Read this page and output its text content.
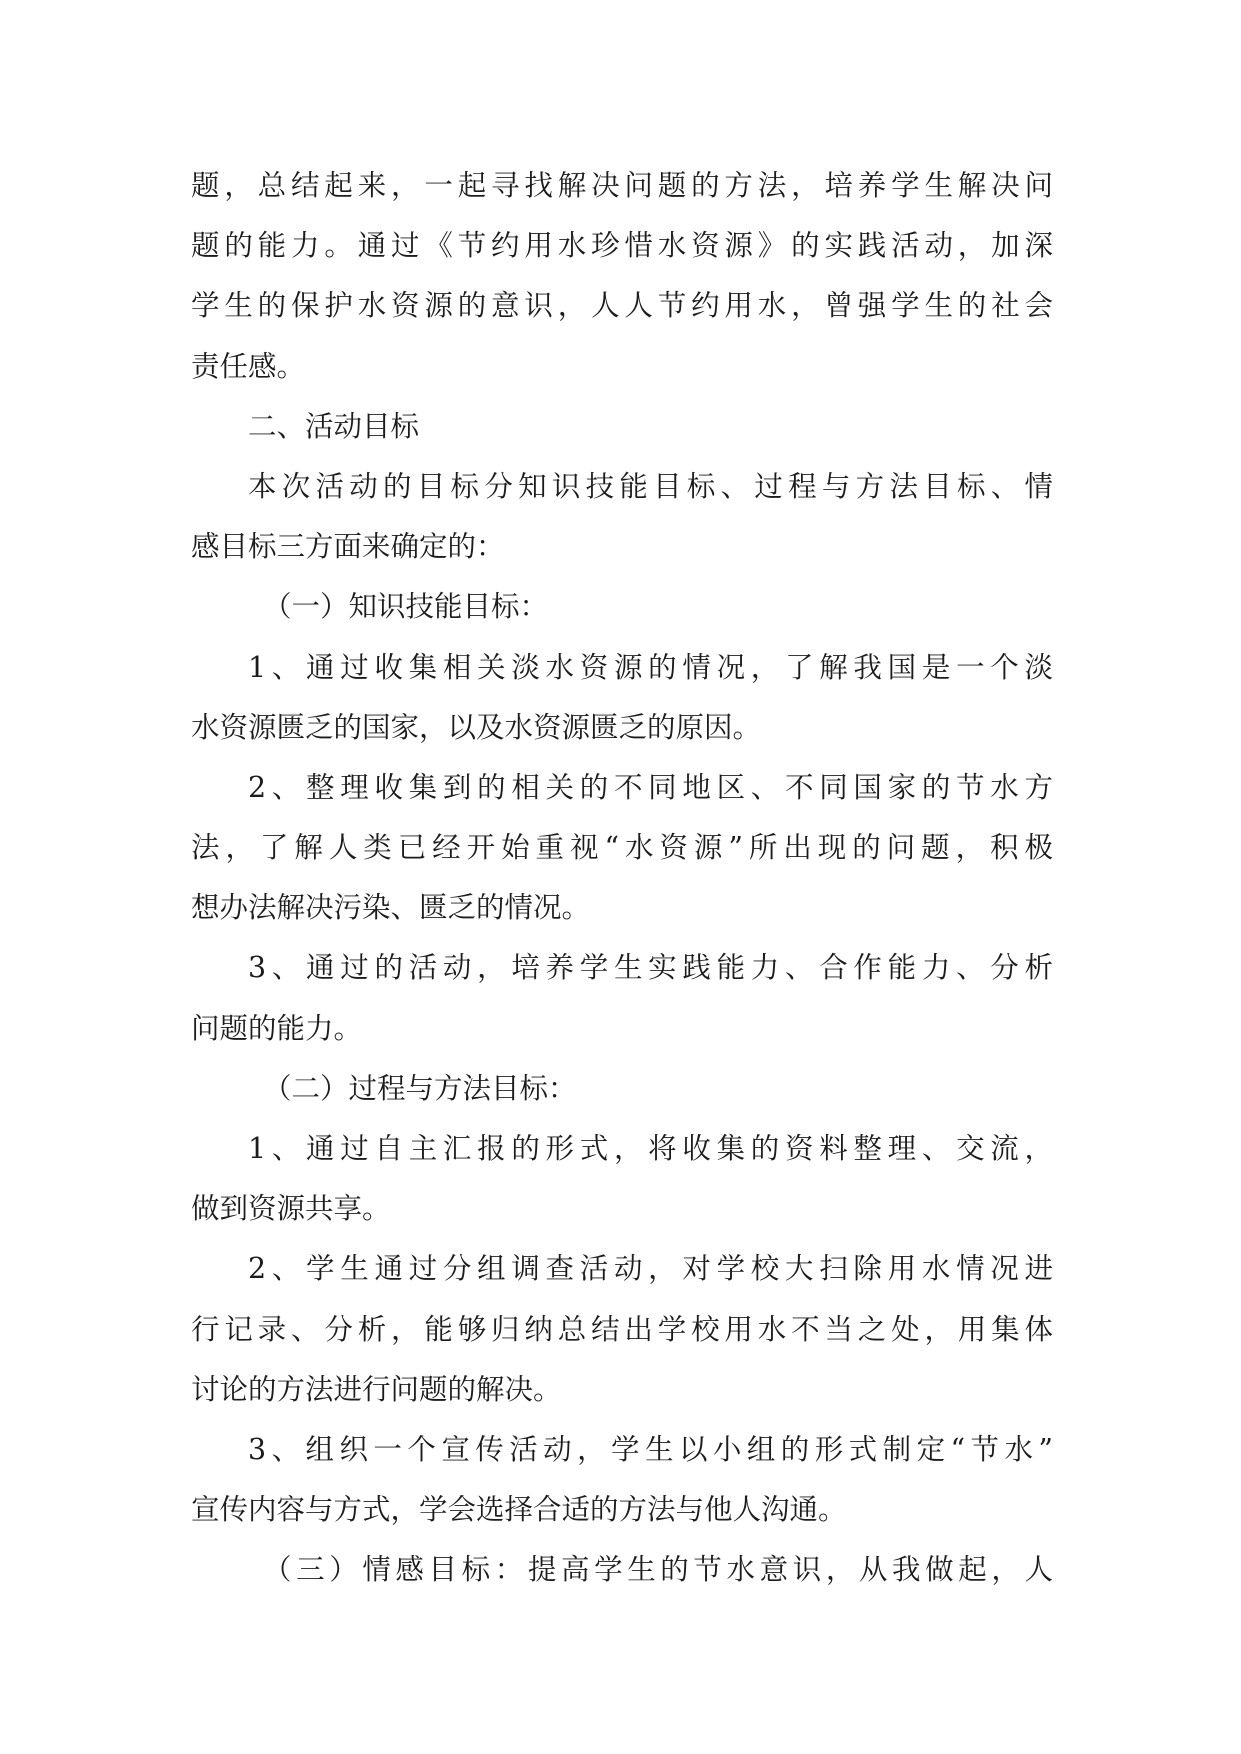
题，总结起来，一起寻找解决问题的方法，培养学生解决问
题的能力。通过《节约用水珍惜水资源》的实践活动，加深
学生的保护水资源的意识，人人节约用水，曾强学生的社会
责任感。
二、活动目标
本次活动的目标分知识技能目标、过程与方法目标、情
感目标三方面来确定的：
（一）知识技能目标：
1、通过收集相关淡水资源的情况，了解我国是一个淡
水资源匮乏的国家，以及水资源匮乏的原因。
2、整理收集到的相关的不同地区、不同国家的节水方
法，了解人类已经开始重视“水资源”所出现的问题，积极
想办法解决污染、匮乏的情况。
3、通过的活动，培养学生实践能力、合作能力、分析
问题的能力。
（二）过程与方法目标：
1、通过自主汇报的形式，将收集的资料整理、交流，
做到资源共享。
2、学生通过分组调查活动，对学校大扫除用水情况进
行记录、分析，能够归纳总结出学校用水不当之处，用集体
讨论的方法进行问题的解决。
3、组织一个宣传活动，学生以小组的形式制定“节水”
宣传内容与方式，学会选择合适的方法与他人沟通。
（三）情感目标：提高学生的节水意识，从我做起，人
